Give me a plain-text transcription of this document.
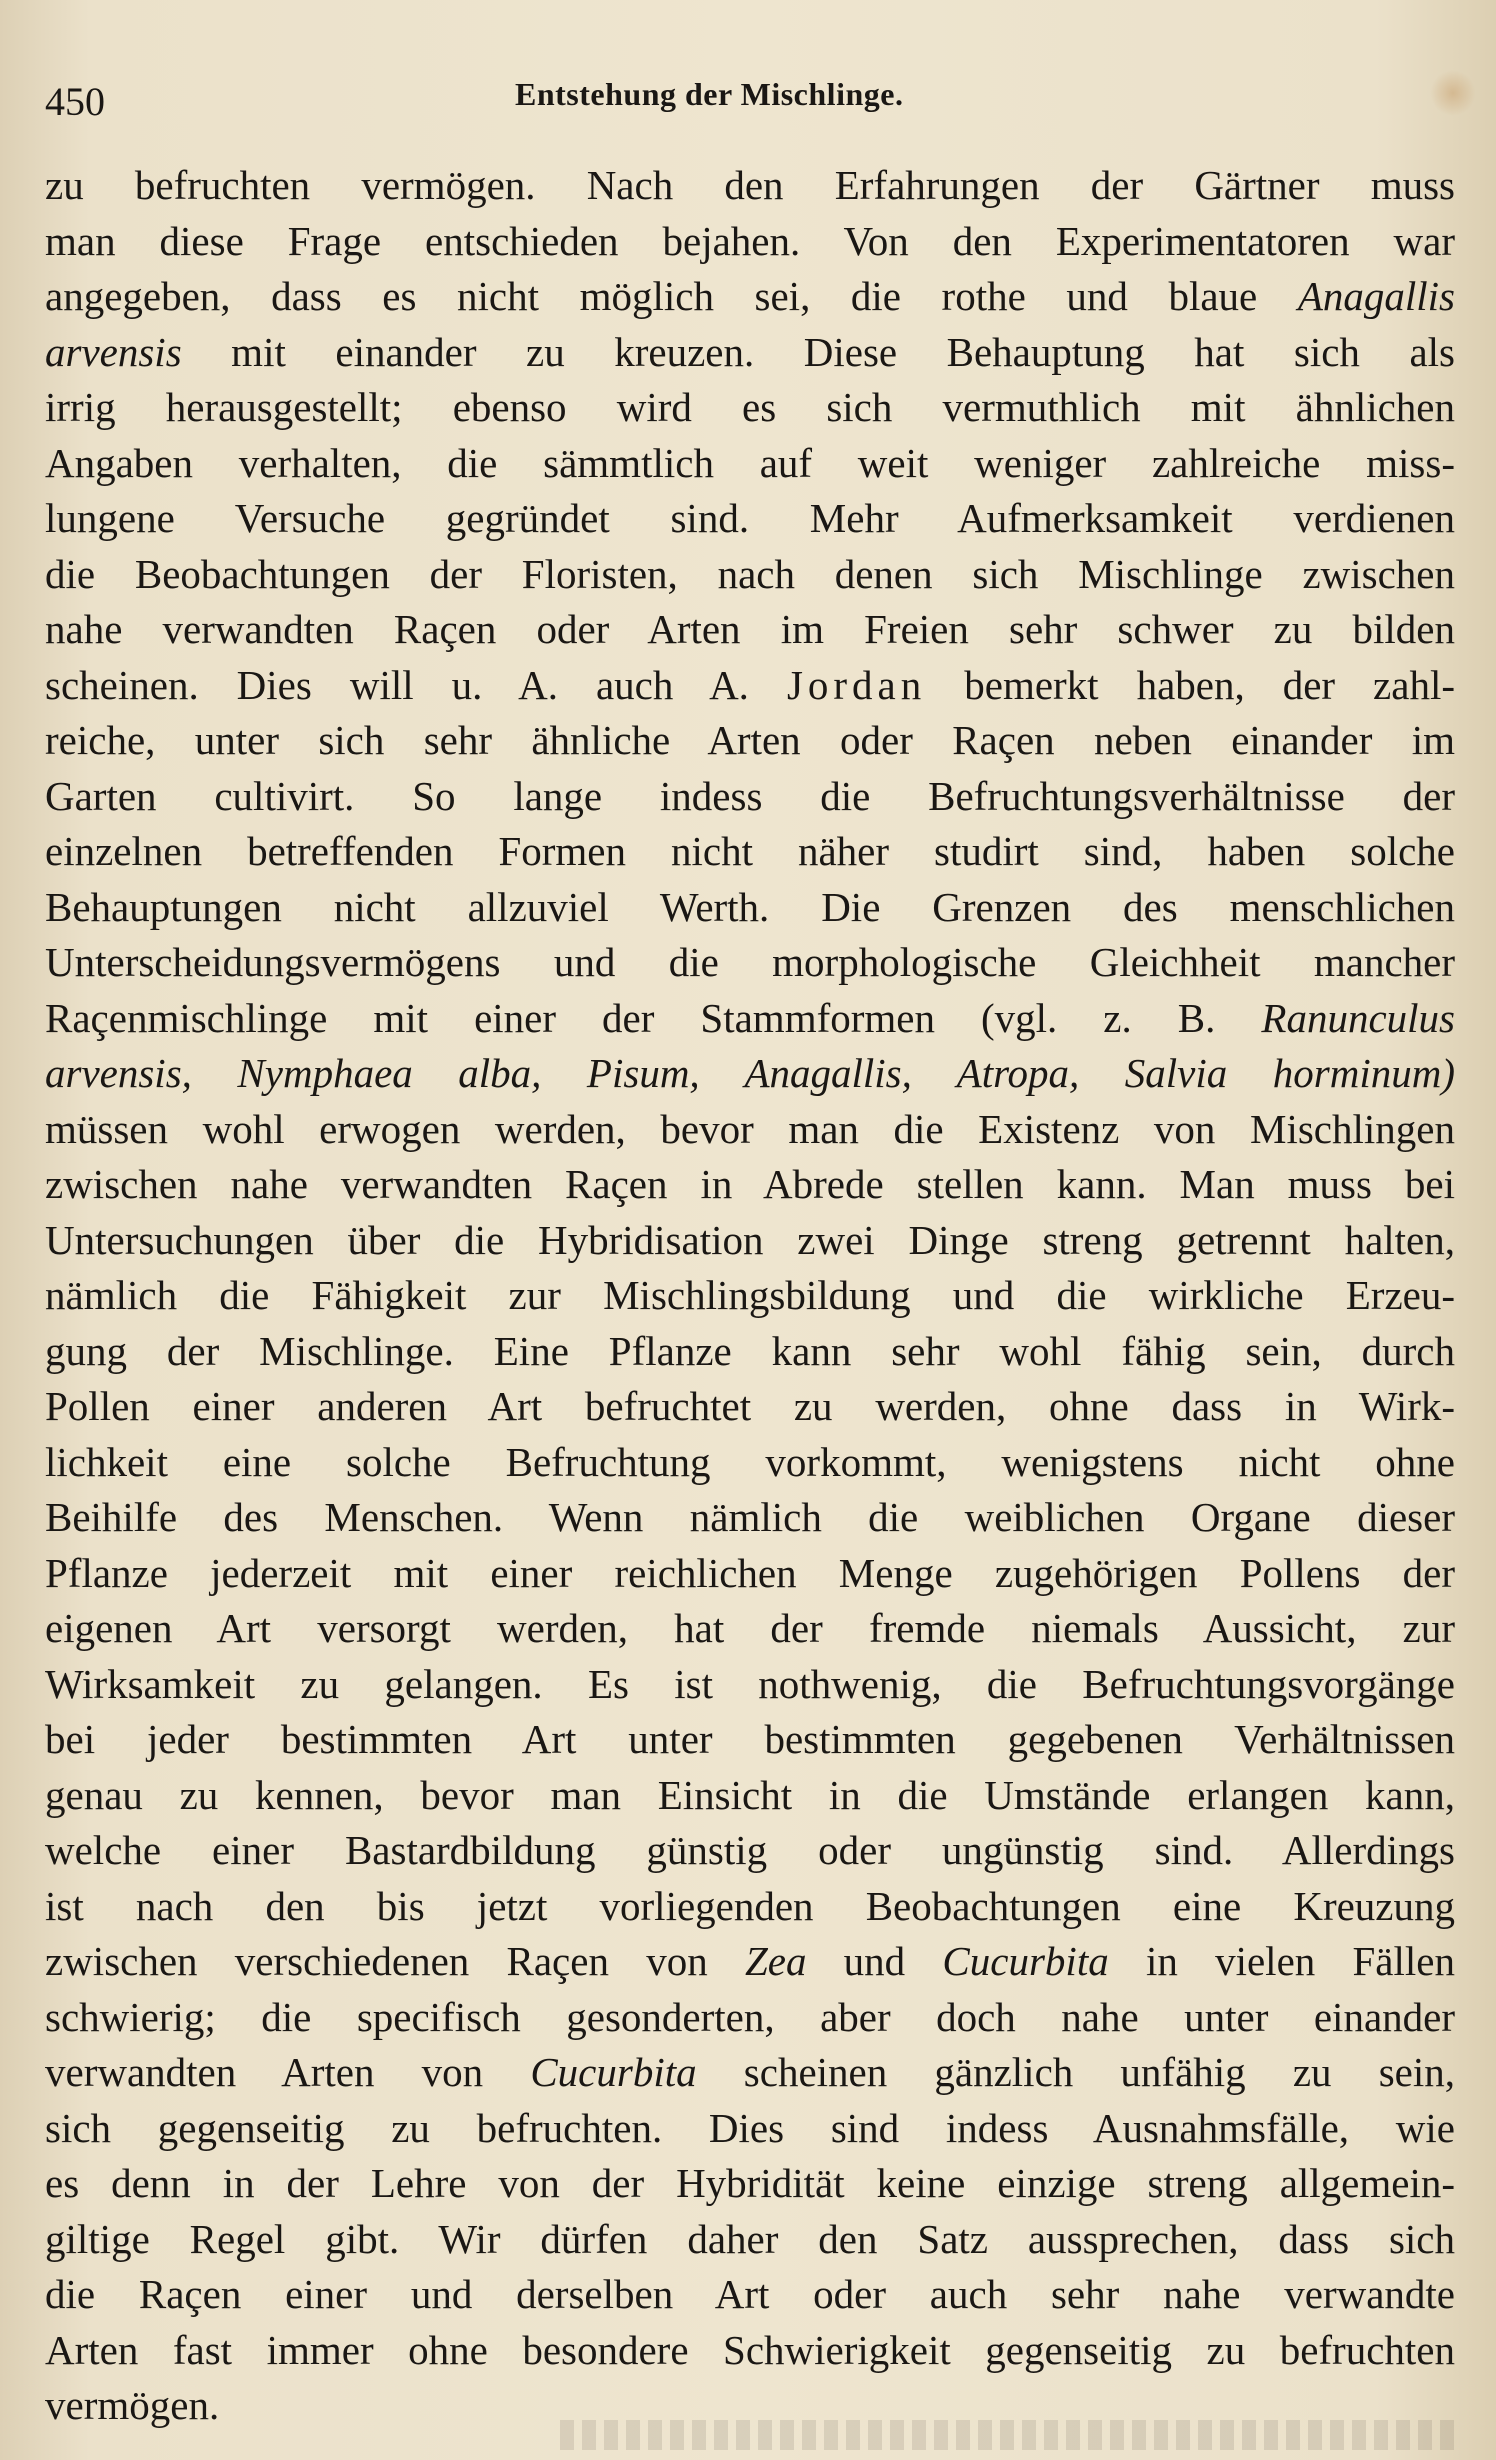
450	Entstehung der Mischlinge.
zu befruchten vermögen. Nach den Erfahrungen der Gärtner muss
man diese Frage entschieden bejahen. Von den Experimentatoren war
angegeben, dass es nicht möglich sei, die rothe und blaue Anagallis
arvensis mit einander zu kreuzen. Diese Behauptung hat sich als
irrig herausgestellt; ebenso wird es sich vermuthlich mit ähnlichen
Angaben verhalten, die sämmtlich auf weit weniger zahlreiche miss-
lungene Versuche gegründet sind. Mehr Aufmerksamkeit verdienen
die Beobachtungen der Floristen, nach denen sich Mischlinge zwischen
nahe verwandten Raçen oder Arten im Freien sehr schwer zu bilden
scheinen. Dies will u. A. auch A. Jordan bemerkt haben, der zahl-
reiche, unter sich sehr ähnliche Arten oder Raçen neben einander im
Garten cultivirt. So lange indess die Befruchtungsverhältnisse der
einzelnen betreffenden Formen nicht näher studirt sind, haben solche
Behauptungen nicht allzuviel Werth. Die Grenzen des menschlichen
Unterscheidungsvermögens und die morphologische Gleichheit mancher
Raçenmischlinge mit einer der Stammformen (vgl. z. B. Ranunculus
arvensis, Nymphaea alba, Pisum, Anagallis, Atropa, Salvia horminum)
müssen wohl erwogen werden, bevor man die Existenz von Mischlingen
zwischen nahe verwandten Raçen in Abrede stellen kann. Man muss bei
Untersuchungen über die Hybridisation zwei Dinge streng getrennt halten,
nämlich die Fähigkeit zur Mischlingsbildung und die wirkliche Erzeu-
gung der Mischlinge. Eine Pflanze kann sehr wohl fähig sein, durch
Pollen einer anderen Art befruchtet zu werden, ohne dass in Wirk-
lichkeit eine solche Befruchtung vorkommt, wenigstens nicht ohne
Beihilfe des Menschen. Wenn nämlich die weiblichen Organe dieser
Pflanze jederzeit mit einer reichlichen Menge zugehörigen Pollens der
eigenen Art versorgt werden, hat der fremde niemals Aussicht, zur
Wirksamkeit zu gelangen. Es ist nothwenig, die Befruchtungsvorgänge
bei jeder bestimmten Art unter bestimmten gegebenen Verhältnissen
genau zu kennen, bevor man Einsicht in die Umstände erlangen kann,
welche einer Bastardbildung günstig oder ungünstig sind. Allerdings
ist nach den bis jetzt vorliegenden Beobachtungen eine Kreuzung
zwischen verschiedenen Raçen von Zea und Cucurbita in vielen Fällen
schwierig; die specifisch gesonderten, aber doch nahe unter einander
verwandten Arten von Cucurbita scheinen gänzlich unfähig zu sein,
sich gegenseitig zu befruchten. Dies sind indess Ausnahmsfälle, wie
es denn in der Lehre von der Hybridität keine einzige streng allgemein-
giltige Regel gibt. Wir dürfen daher den Satz aussprechen, dass sich
die Raçen einer und derselben Art oder auch sehr nahe verwandte
Arten fast immer ohne besondere Schwierigkeit gegenseitig zu befruchten
vermögen.
